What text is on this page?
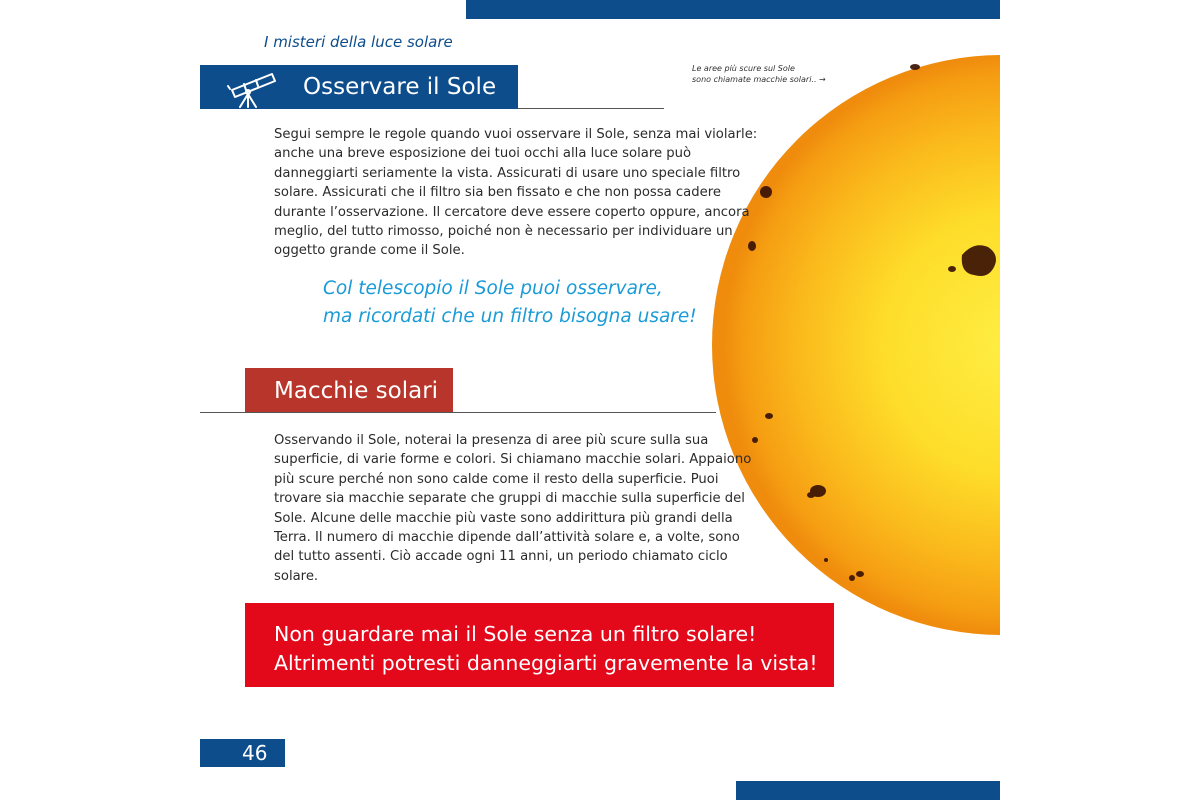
I misteri della luce solare
Osservare il Sole
Le aree più scure sul Sole
sono chiamate macchie solari.. →

Segui sempre le regole quando vuoi osservare il Sole, senza mai violarle: anche una breve esposizione dei tuoi occhi alla luce solare può danneggiarti seriamente la vista. Assicurati di usare uno speciale filtro solare. Assicurati che il filtro sia ben fissato e che non possa cadere durante l’osservazione. Il cercatore deve essere coperto oppure, ancora meglio, del tutto rimosso, poiché non è necessario per individuare un oggetto grande come il Sole.

Col telescopio il Sole puoi osservare,
ma ricordati che un filtro bisogna usare!
Macchie solari

Osservando il Sole, noterai la presenza di aree più scure sulla sua superficie, di varie forme e colori. Si chiamano macchie solari. Appaiono più scure perché non sono calde come il resto della superficie. Puoi trovare sia macchie separate che gruppi di macchie sulla superficie del Sole. Alcune delle macchie più vaste sono addirittura più grandi della Terra. Il numero di macchie dipende dall’attività solare e, a volte, sono del tutto assenti. Ciò accade ogni 11 anni, un periodo chiamato ciclo solare.

Non guardare mai il Sole senza un filtro solare!
Altrimenti potresti danneggiarti gravemente la vista!
46
